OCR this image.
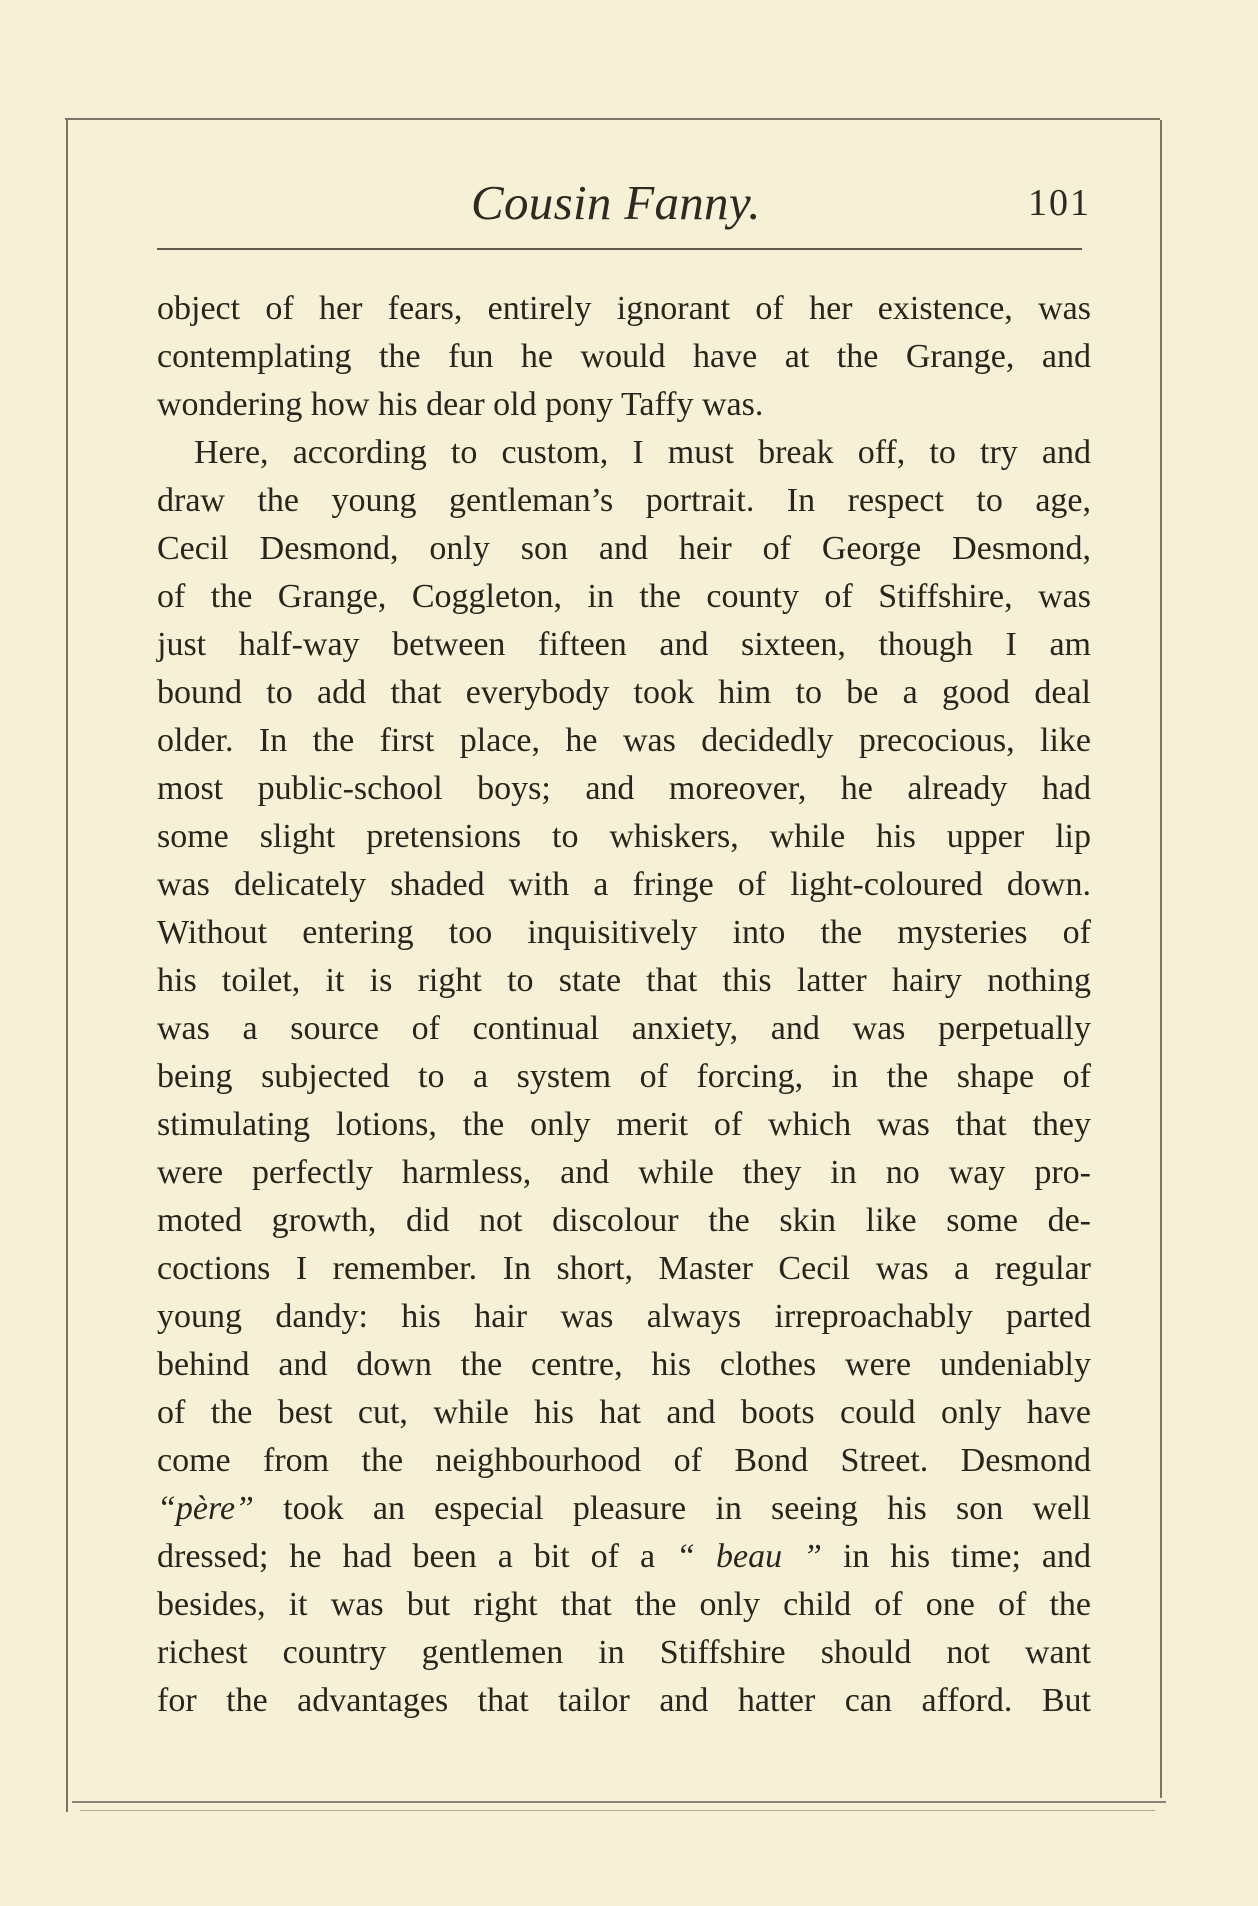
Cousin Fanny.	101
object of her fears, entirely ignorant of her existence, was
contemplating the fun he would have at the Grange, and
wondering how his dear old pony Taffy was.
Here, according to custom, I must break off, to try and
draw the young gentleman’s portrait. In respect to age,
Cecil Desmond, only son and heir of George Desmond,
of the Grange, Coggleton, in the county of Stiffshire, was
just half-way between fifteen and sixteen, though I am
bound to add that everybody took him to be a good deal
older. In the first place, he was decidedly precocious, like
most public-school boys; and moreover, he already had
some slight pretensions to whiskers, while his upper lip
was delicately shaded with a fringe of light-coloured down.
Without entering too inquisitively into the mysteries of
his toilet, it is right to state that this latter hairy nothing
was a source of continual anxiety, and was perpetually
being subjected to a system of forcing, in the shape of
stimulating lotions, the only merit of which was that they
were perfectly harmless, and while they in no way pro-
moted growth, did not discolour the skin like some de-
coctions I remember. In short, Master Cecil was a regular
young dandy: his hair was always irreproachably parted
behind and down the centre, his clothes were undeniably
of the best cut, while his hat and boots could only have
come from the neighbourhood of Bond Street. Desmond
“père” took an especial pleasure in seeing his son well
dressed; he had been a bit of a “ beau ” in his time; and
besides, it was but right that the only child of one of the
richest country gentlemen in Stiffshire should not want
for the advantages that tailor and hatter can afford. But
